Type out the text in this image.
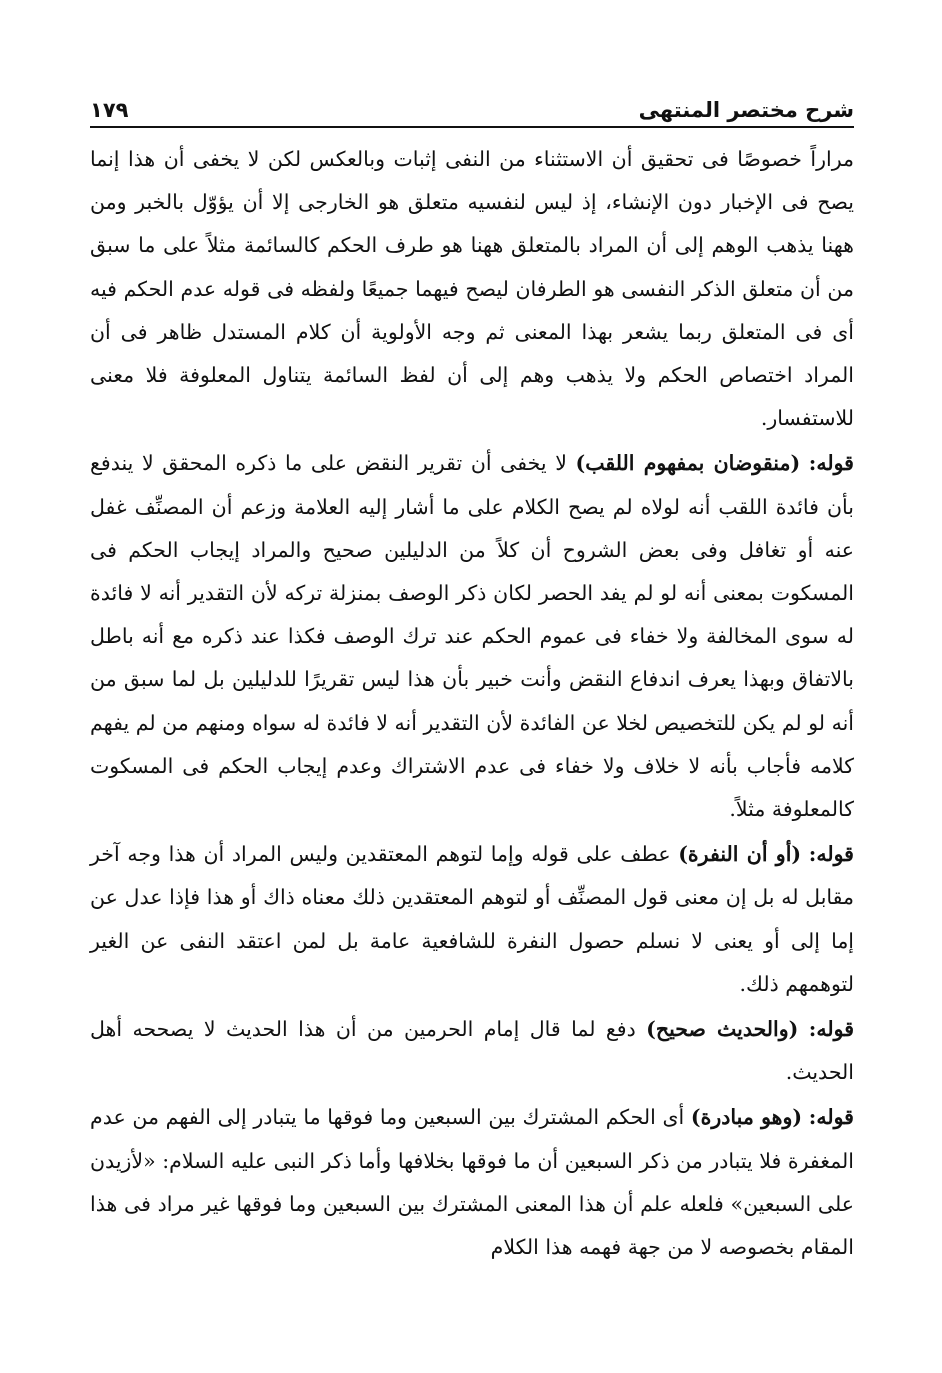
شرح مختصر المنتهى
١٧٩

مراراً خصوصًا فى تحقيق أن الاستثناء من النفى إثبات وبالعكس لكن لا يخفى أن هذا إنما يصح فى الإخبار دون الإنشاء، إذ ليس لنفسيه متعلق هو الخارجى إلا أن يؤوّل بالخبر ومن ههنا يذهب الوهم إلى أن المراد بالمتعلق ههنا هو طرف الحكم كالسائمة مثلاً على ما سبق من أن متعلق الذكر النفسى هو الطرفان ليصح فيهما جميعًا ولفظه فى قوله عدم الحكم فيه أى فى المتعلق ربما يشعر بهذا المعنى ثم وجه الأولوية أن كلام المستدل ظاهر فى أن المراد اختصاص الحكم ولا يذهب وهم إلى أن لفظ السائمة يتناول المعلوفة فلا معنى للاستفسار.

قوله: (منقوضان بمفهوم اللقب) لا يخفى أن تقرير النقض على ما ذكره المحقق لا يندفع بأن فائدة اللقب أنه لولاه لم يصح الكلام على ما أشار إليه العلامة وزعم أن المصنِّف غفل عنه أو تغافل وفى بعض الشروح أن كلاً من الدليلين صحيح والمراد إيجاب الحكم فى المسكوت بمعنى أنه لو لم يفد الحصر لكان ذكر الوصف بمنزلة تركه لأن التقدير أنه لا فائدة له سوى المخالفة ولا خفاء فى عموم الحكم عند ترك الوصف فكذا عند ذكره مع أنه باطل بالاتفاق وبهذا يعرف اندفاع النقض وأنت خبير بأن هذا ليس تقريرًا للدليلين بل لما سبق من أنه لو لم يكن للتخصيص لخلا عن الفائدة لأن التقدير أنه لا فائدة له سواه ومنهم من لم يفهم كلامه فأجاب بأنه لا خلاف ولا خفاء فى عدم الاشتراك وعدم إيجاب الحكم فى المسكوت كالمعلوفة مثلاً.

قوله: (أو أن النفرة) عطف على قوله وإما لتوهم المعتقدين وليس المراد أن هذا وجه آخر مقابل له بل إن معنى قول المصنِّف أو لتوهم المعتقدين ذلك معناه ذاك أو هذا فإذا عدل عن إما إلى أو يعنى لا نسلم حصول النفرة للشافعية عامة بل لمن اعتقد النفى عن الغير لتوهمهم ذلك.

قوله: (والحديث صحيح) دفع لما قال إمام الحرمين من أن هذا الحديث لا يصححه أهل الحديث.

قوله: (وهو مبادرة) أى الحكم المشترك بين السبعين وما فوقها ما يتبادر إلى الفهم من عدم المغفرة فلا يتبادر من ذكر السبعين أن ما فوقها بخلافها وأما ذكر النبى عليه السلام: «لأزيدن على السبعين» فلعله علم أن هذا المعنى المشترك بين السبعين وما فوقها غير مراد فى هذا المقام بخصوصه لا من جهة فهمه هذا الكلام
